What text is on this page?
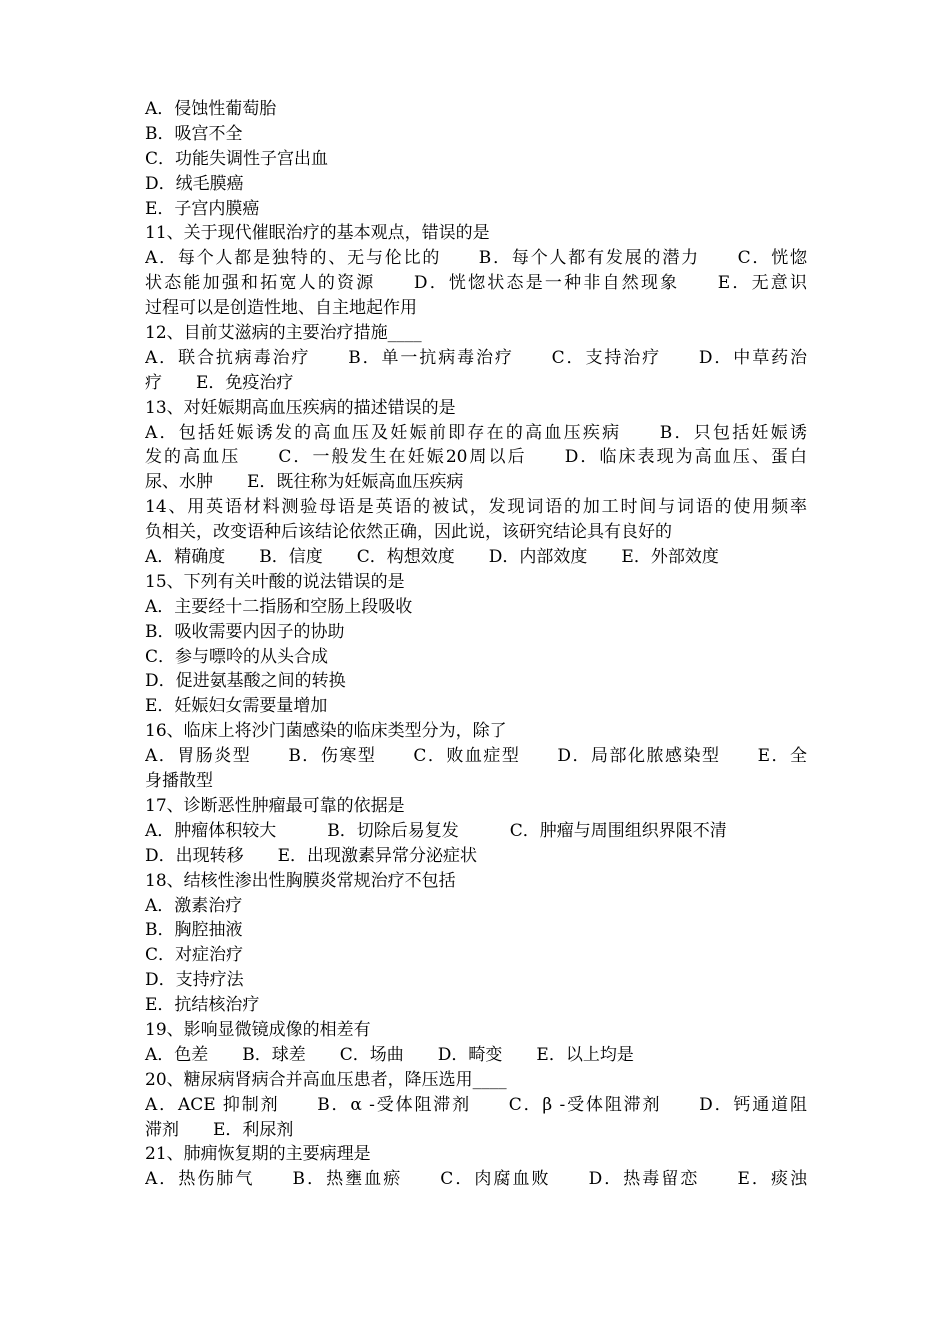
A．侵蚀性葡萄胎
B．吸宫不全
C．功能失调性子宫出血
D．绒毛膜癌
E．子宫内膜癌
11、关于现代催眠治疗的基本观点，错误的是
A．每个人都是独特的、无与伦比的　　B．每个人都有发展的潜力　　C．恍惚
状态能加强和拓宽人的资源　　D．恍惚状态是一种非自然现象　　E．无意识
过程可以是创造性地、自主地起作用
12、目前艾滋病的主要治疗措施____
A．联合抗病毒治疗　　B．单一抗病毒治疗　　C．支持治疗　　D．中草药治
疗　　E．免疫治疗
13、对妊娠期高血压疾病的描述错误的是
A．包括妊娠诱发的高血压及妊娠前即存在的高血压疾病　　B．只包括妊娠诱
发的高血压　　C．一般发生在妊娠20周以后　　D．临床表现为高血压、蛋白
尿、水肿　　E．既往称为妊娠高血压疾病
14、用英语材料测验母语是英语的被试，发现词语的加工时间与词语的使用频率
负相关，改变语种后该结论依然正确，因此说，该研究结论具有良好的
A．精确度　　B．信度　　C．构想效度　　D．内部效度　　E．外部效度
15、下列有关叶酸的说法错误的是
A．主要经十二指肠和空肠上段吸收
B．吸收需要内因子的协助
C．参与嘌呤的从头合成
D．促进氨基酸之间的转换
E．妊娠妇女需要量增加
16、临床上将沙门菌感染的临床类型分为，除了
A．胃肠炎型　　B．伤寒型　　C．败血症型　　D．局部化脓感染型　　E．全
身播散型
17、诊断恶性肿瘤最可靠的依据是
A．肿瘤体积较大　　　B．切除后易复发　　　C．肿瘤与周围组织界限不清
D．出现转移　　E．出现激素异常分泌症状
18、结核性渗出性胸膜炎常规治疗不包括
A．激素治疗
B．胸腔抽液
C．对症治疗
D．支持疗法
E．抗结核治疗
19、影响显微镜成像的相差有
A．色差　　B．球差　　C．场曲　　D．畸变　　E．以上均是
20、糖尿病肾病合并高血压患者，降压选用____
A．ACE 抑制剂　　B．α -受体阻滞剂　　C．β -受体阻滞剂　　D．钙通道阻
滞剂　　E．利尿剂
21、肺痈恢复期的主要病理是
A．热伤肺气　　B．热壅血瘀　　C．肉腐血败　　D．热毒留恋　　E．痰浊
